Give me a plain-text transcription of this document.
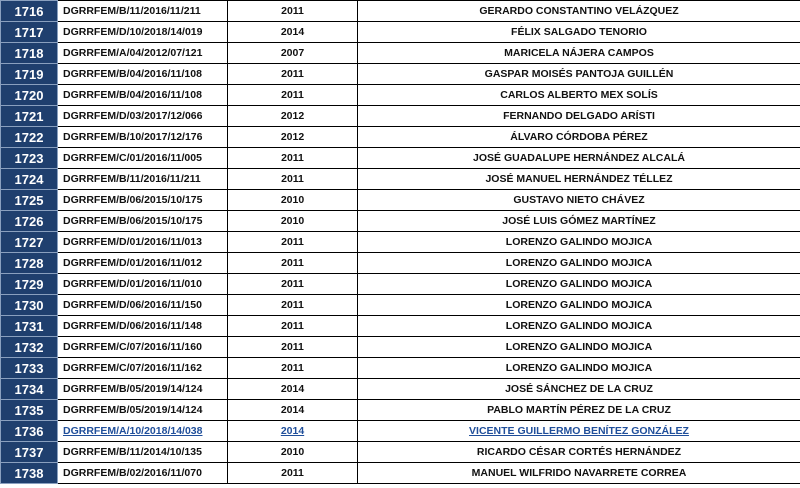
1716	DGRRFEM/B/11/2016/11/211	2011	GERARDO CONSTANTINO VELÁZQUEZ
1717	DGRRFEM/D/10/2018/14/019	2014	FÉLIX SALGADO TENORIO
1718	DGRRFEM/A/04/2012/07/121	2007	MARICELA NÁJERA CAMPOS
1719	DGRRFEM/B/04/2016/11/108	2011	GASPAR MOISÉS PANTOJA GUILLÉN
1720	DGRRFEM/B/04/2016/11/108	2011	CARLOS ALBERTO MEX SOLÍS
1721	DGRRFEM/D/03/2017/12/066	2012	FERNANDO DELGADO ARÍSTI
1722	DGRRFEM/B/10/2017/12/176	2012	ÁLVARO CÓRDOBA PÉREZ
1723	DGRRFEM/C/01/2016/11/005	2011	JOSÉ GUADALUPE HERNÁNDEZ ALCALÁ
1724	DGRRFEM/B/11/2016/11/211	2011	JOSÉ MANUEL HERNÁNDEZ TÉLLEZ
1725	DGRRFEM/B/06/2015/10/175	2010	GUSTAVO NIETO CHÁVEZ
1726	DGRRFEM/B/06/2015/10/175	2010	JOSÉ LUIS GÓMEZ MARTÍNEZ
1727	DGRRFEM/D/01/2016/11/013	2011	LORENZO GALINDO MOJICA
1728	DGRRFEM/D/01/2016/11/012	2011	LORENZO GALINDO MOJICA
1729	DGRRFEM/D/01/2016/11/010	2011	LORENZO GALINDO MOJICA
1730	DGRRFEM/D/06/2016/11/150	2011	LORENZO GALINDO MOJICA
1731	DGRRFEM/D/06/2016/11/148	2011	LORENZO GALINDO MOJICA
1732	DGRRFEM/C/07/2016/11/160	2011	LORENZO GALINDO MOJICA
1733	DGRRFEM/C/07/2016/11/162	2011	LORENZO GALINDO MOJICA
1734	DGRRFEM/B/05/2019/14/124	2014	JOSÉ SÁNCHEZ DE LA CRUZ
1735	DGRRFEM/B/05/2019/14/124	2014	PABLO MARTÍN PÉREZ DE LA CRUZ
1736	DGRRFEM/A/10/2018/14/038	2014	VICENTE GUILLERMO BENÍTEZ GONZÁLEZ
1737	DGRRFEM/B/11/2014/10/135	2010	RICARDO CÉSAR CORTÉS HERNÁNDEZ
1738	DGRRFEM/B/02/2016/11/070	2011	MANUEL WILFRIDO NAVARRETE CORREA
